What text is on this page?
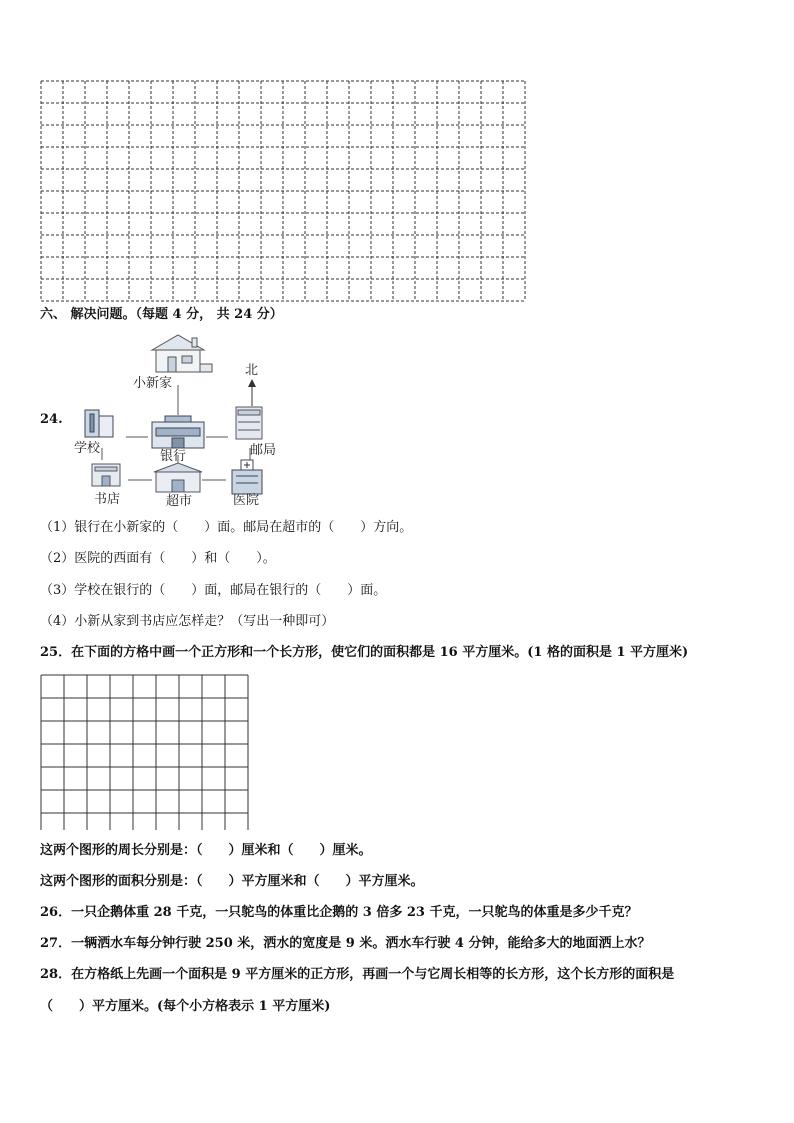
六、 解决问题。（每题 4 分， 共 24 分）
24.
小新家
北
学校
银行	邮局
书店	超市	医院
（1）银行在小新家的（　　）面。邮局在超市的（　　）方向。
（2）医院的西面有（　　）和（　　）。
（3）学校在银行的（　　）面，邮局在银行的（　　）面。
（4）小新从家到书店应怎样走？（写出一种即可）
25．在下面的方格中画一个正方形和一个长方形，使它们的面积都是 16 平方厘米。(1 格的面积是 1 平方厘米)
这两个图形的周长分别是：（　　）厘米和（　　）厘米。
这两个图形的面积分别是：（　　）平方厘米和（　　）平方厘米。
26．一只企鹅体重 28 千克，一只鸵鸟的体重比企鹅的 3 倍多 23 千克，一只鸵鸟的体重是多少千克？
27．一辆洒水车每分钟行驶 250 米，洒水的宽度是 9 米。洒水车行驶 4 分钟，能给多大的地面洒上水？
28．在方格纸上先画一个面积是 9 平方厘米的正方形，再画一个与它周长相等的长方形，这个长方形的面积是
（　　）平方厘米。(每个小方格表示 1 平方厘米)
